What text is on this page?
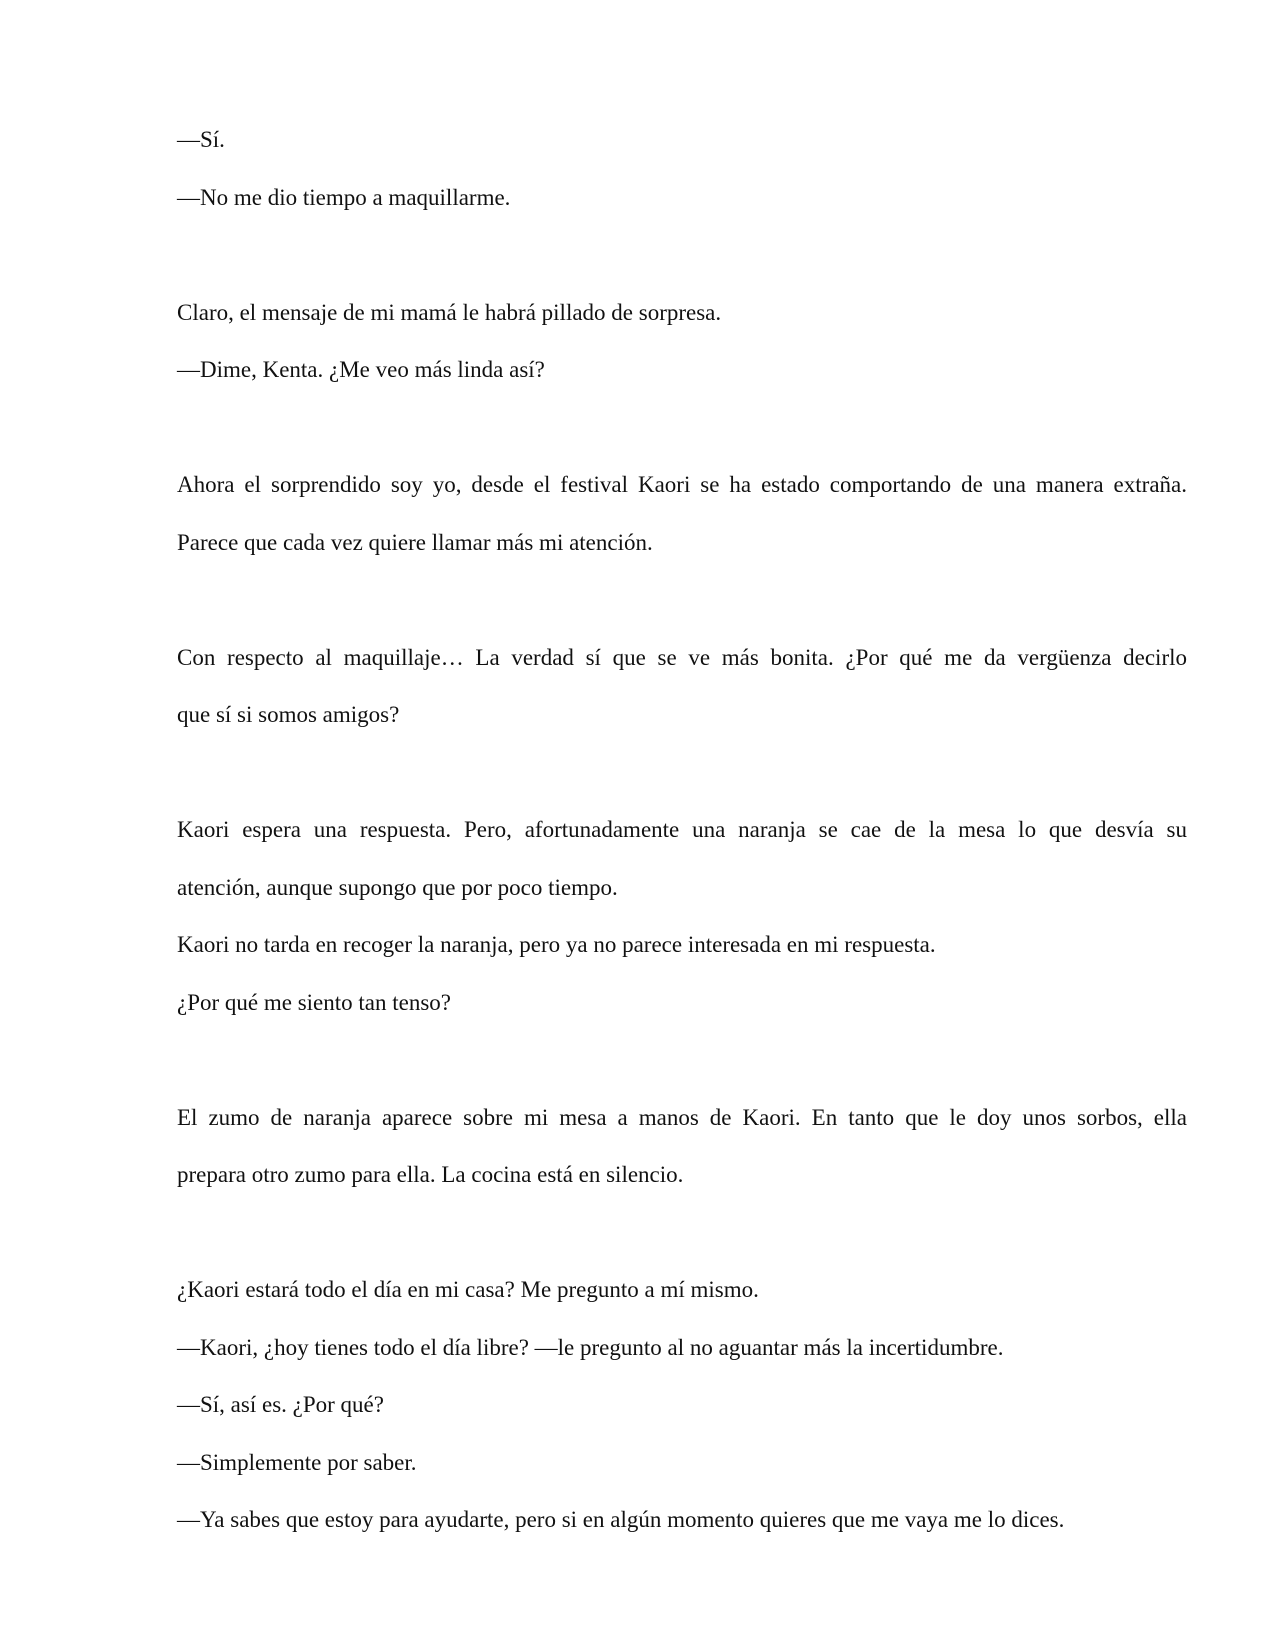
—Sí.

—No me dio tiempo a maquillarme.

Claro, el mensaje de mi mamá le habrá pillado de sorpresa.

—Dime, Kenta. ¿Me veo más linda así?

Ahora el sorprendido soy yo, desde el festival Kaori se ha estado comportando de una manera extraña.

Parece que cada vez quiere llamar más mi atención.

Con respecto al maquillaje… La verdad sí que se ve más bonita. ¿Por qué me da vergüenza decirlo

que sí si somos amigos?

Kaori espera una respuesta. Pero, afortunadamente una naranja se cae de la mesa lo que desvía su

atención, aunque supongo que por poco tiempo.

Kaori no tarda en recoger la naranja, pero ya no parece interesada en mi respuesta.

¿Por qué me siento tan tenso?

El zumo de naranja aparece sobre mi mesa a manos de Kaori. En tanto que le doy unos sorbos, ella

prepara otro zumo para ella. La cocina está en silencio.

¿Kaori estará todo el día en mi casa? Me pregunto a mí mismo.

—Kaori, ¿hoy tienes todo el día libre? —le pregunto al no aguantar más la incertidumbre.

—Sí, así es. ¿Por qué?

—Simplemente por saber.

—Ya sabes que estoy para ayudarte, pero si en algún momento quieres que me vaya me lo dices.
